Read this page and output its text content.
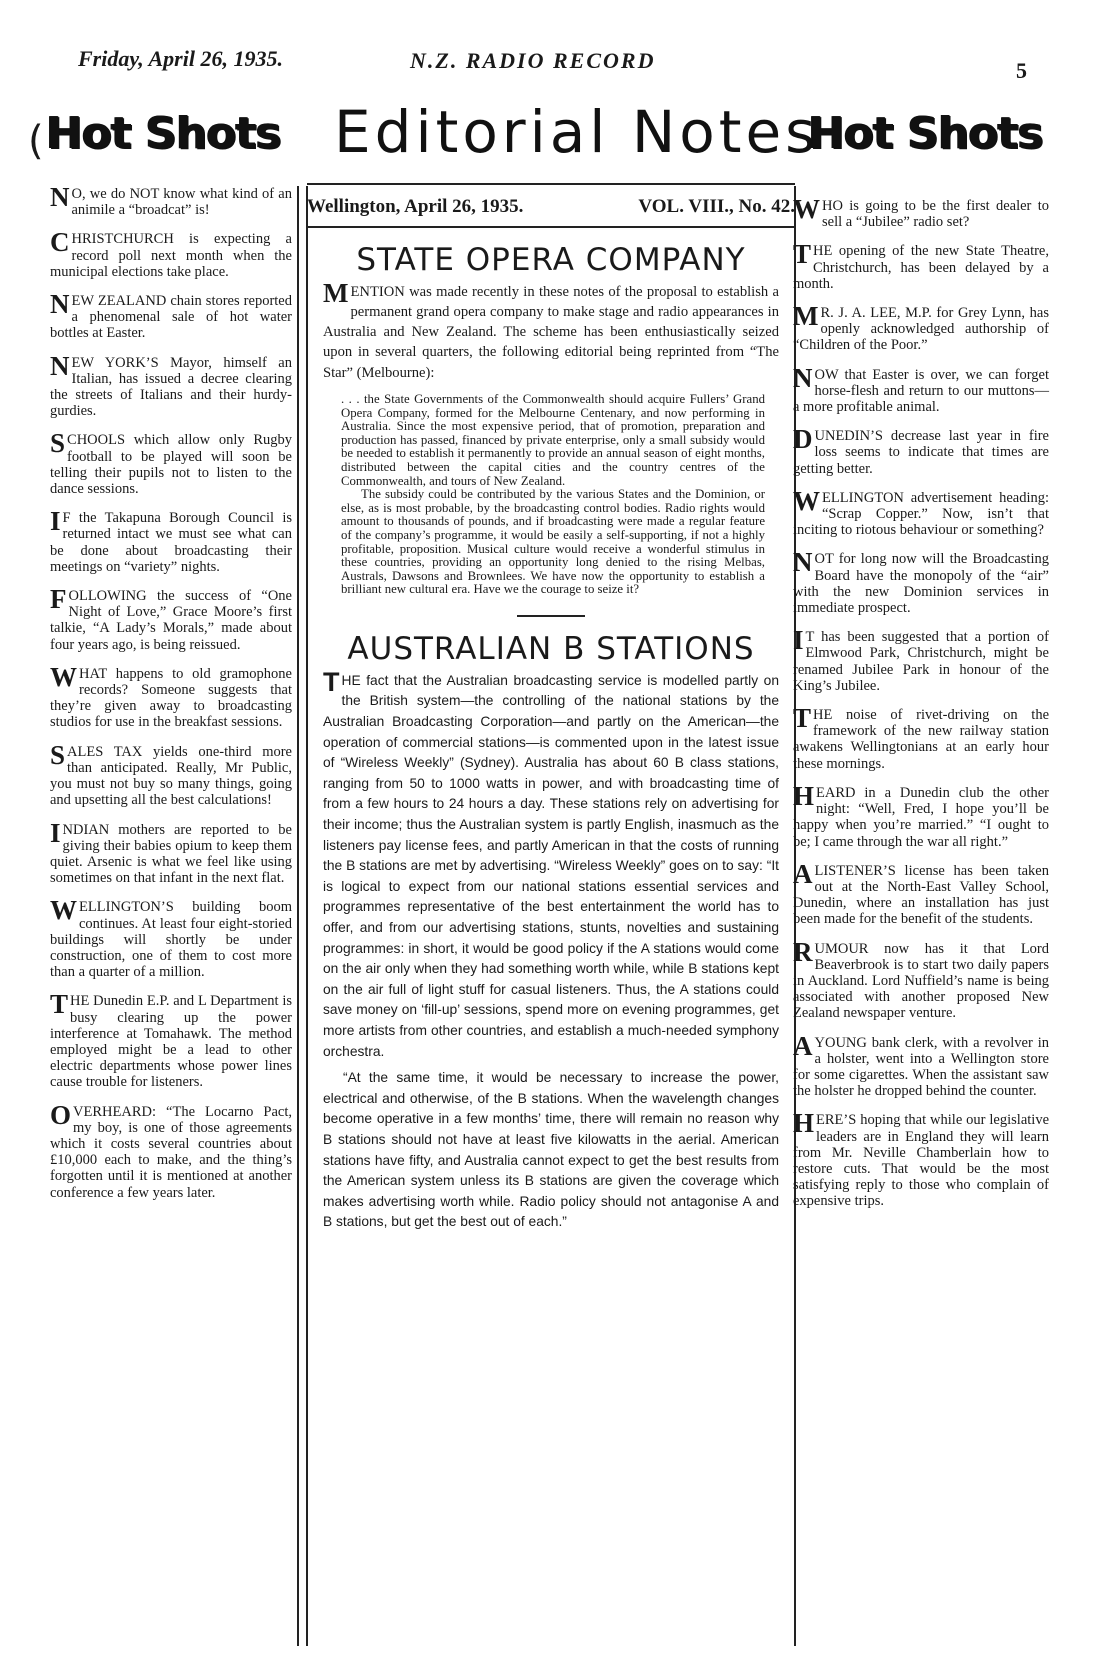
Friday, April 26, 1935.	N.Z. RADIO RECORD	5
( Hot Shots Editorial Notes
Hot Shots
N O, we do NOT know what kind of an animile a “broadcat” is!
CHRISTCHURCH is expecting a record poll next month when the municipal elections take place.
NEW ZEALAND chain stores reported a phenomenal sale of hot water bottles at Easter.
NEW YORK’S Mayor, himself an Italian, has issued a decree clearing the streets of Italians and their hurdy-gurdies.
SCHOOLS which allow only Rugby football to be played will soon be telling their pupils not to listen to the dance sessions.
I F the Takapuna Borough Council is returned intact we must see what can be done about broadcasting their meetings on “variety” nights.
FOLLOWING the success of “One Night of Love,” Grace Moore’s first talkie, “A Lady’s Morals,” made about four years ago, is being reissued.
WHAT happens to old gramophone records? Someone suggests that they’re given away to broadcasting studios for use in the breakfast sessions.
SALES TAX yields one-third more than anticipated. Really, Mr Public, you must not buy so many things, going and upsetting all the best calculations!
INDIAN mothers are reported to be giving their babies opium to keep them quiet. Arsenic is what we feel like using sometimes on that infant in the next flat.
WELLINGTON’S building boom continues. At least four eight-storied buildings will shortly be under construction, one of them to cost more than a quarter of a million.
THE Dunedin E.P. and L Department is busy clearing up the power interference at Tomahawk. The method employed might be a lead to other electric departments whose power lines cause trouble for listeners.
OVERHEARD: “The Locarno Pact, my boy, is one of those agreements which it costs several countries about £10,000 each to make, and the thing’s forgotten until it is mentioned at another conference a few years later.
Wellington, April 26, 1935.	VOL. VIII., No. 42.
STATE OPERA COMPANY
MENTION was made recently in these notes of the proposal to establish a permanent grand opera company to make stage and radio appearances in Australia and New Zealand. The scheme has been enthusiastically seized upon in several quarters, the following editorial being reprinted from “The Star” (Melbourne):
. . . the State Governments of the Commonwealth should acquire Fullers’ Grand Opera Company, formed for the Melbourne Centenary, and now performing in Australia. Since the most expensive period, that of promotion, preparation and production has passed, financed by private enterprise, only a small subsidy would be needed to establish it permanently to provide an annual season of eight months, distributed between the capital cities and the country centres of the Commonwealth, and tours of New Zealand.
The subsidy could be contributed by the various States and the Dominion, or else, as is most probable, by the broadcasting control bodies. Radio rights would amount to thousands of pounds, and if broadcasting were made a regular feature of the company’s programme, it would be easily a self-supporting, if not a highly profitable, proposition. Musical culture would receive a wonderful stimulus in these countries, providing an opportunity long denied to the rising Melbas, Australs, Dawsons and Brownlees. We have now the opportunity to establish a brilliant new cultural era. Have we the courage to seize it?
AUSTRALIAN B STATIONS
THE fact that the Australian broadcasting service is modelled partly on the British system—the controlling of the national stations by the Australian Broadcasting Corporation—and partly on the American—the operation of commercial stations—is commented upon in the latest issue of “Wireless Weekly” (Sydney). Australia has about 60 B class stations, ranging from 50 to 1000 watts in power, and with broadcasting time of from a few hours to 24 hours a day. These stations rely on advertising for their income; thus the Australian system is partly English, inasmuch as the listeners pay license fees, and partly American in that the costs of running the B stations are met by advertising. “Wireless Weekly” goes on to say: “It is logical to expect from our national stations essential services and programmes representative of the best entertainment the world has to offer, and from our advertising stations, stunts, novelties and sustaining programmes: in short, it would be good policy if the A stations would come on the air only when they had something worth while, while B stations kept on the air full of light stuff for casual listeners. Thus, the A stations could save money on ‘fill-up’ sessions, spend more on evening programmes, get more artists from other countries, and establish a much-needed symphony orchestra.
“At the same time, it would be necessary to increase the power, electrical and otherwise, of the B stations. When the wavelength changes become operative in a few months’ time, there will remain no reason why B stations should not have at least five kilowatts in the aerial. American stations have fifty, and Australia cannot expect to get the best results from the American system unless its B stations are given the coverage which makes advertising worth while. Radio policy should not antagonise A and B stations, but get the best out of each.”
WHO is going to be the first dealer to sell a “Jubilee” radio set?
THE opening of the new State Theatre, Christchurch, has been delayed by a month.
M R. J. A. LEE, M.P. for Grey Lynn, has openly acknowledged authorship of “Children of the Poor.”
NOW that Easter is over, we can forget horse-flesh and return to our muttons—a more profitable animal.
DUNEDIN’S decrease last year in fire loss seems to indicate that times are getting better.
WELLINGTON advertisement heading: “Scrap Copper.” Now, isn’t that inciting to riotous behaviour or something?
NOT for long now will the Broadcasting Board have the monopoly of the “air” with the new Dominion services in immediate prospect.
I T has been suggested that a portion of Elmwood Park, Christchurch, might be renamed Jubilee Park in honour of the King’s Jubilee.
THE noise of rivet-driving on the framework of the new railway station awakens Wellingtonians at an early hour these mornings.
HEARD in a Dunedin club the other night: “Well, Fred, I hope you’ll be happy when you’re married.” “I ought to be; I came through the war all right.”
A LISTENER’S license has been taken out at the North-East Valley School, Dunedin, where an installation has just been made for the benefit of the students.
RUMOUR now has it that Lord Beaverbrook is to start two daily papers in Auckland. Lord Nuffield’s name is being associated with another proposed New Zealand newspaper venture.
A YOUNG bank clerk, with a revolver in a holster, went into a Wellington store for some cigarettes. When the assistant saw the holster he dropped behind the counter.
HERE’S hoping that while our legislative leaders are in England they will learn from Mr. Neville Chamberlain how to restore cuts. That would be the most satisfying reply to those who complain of expensive trips.
